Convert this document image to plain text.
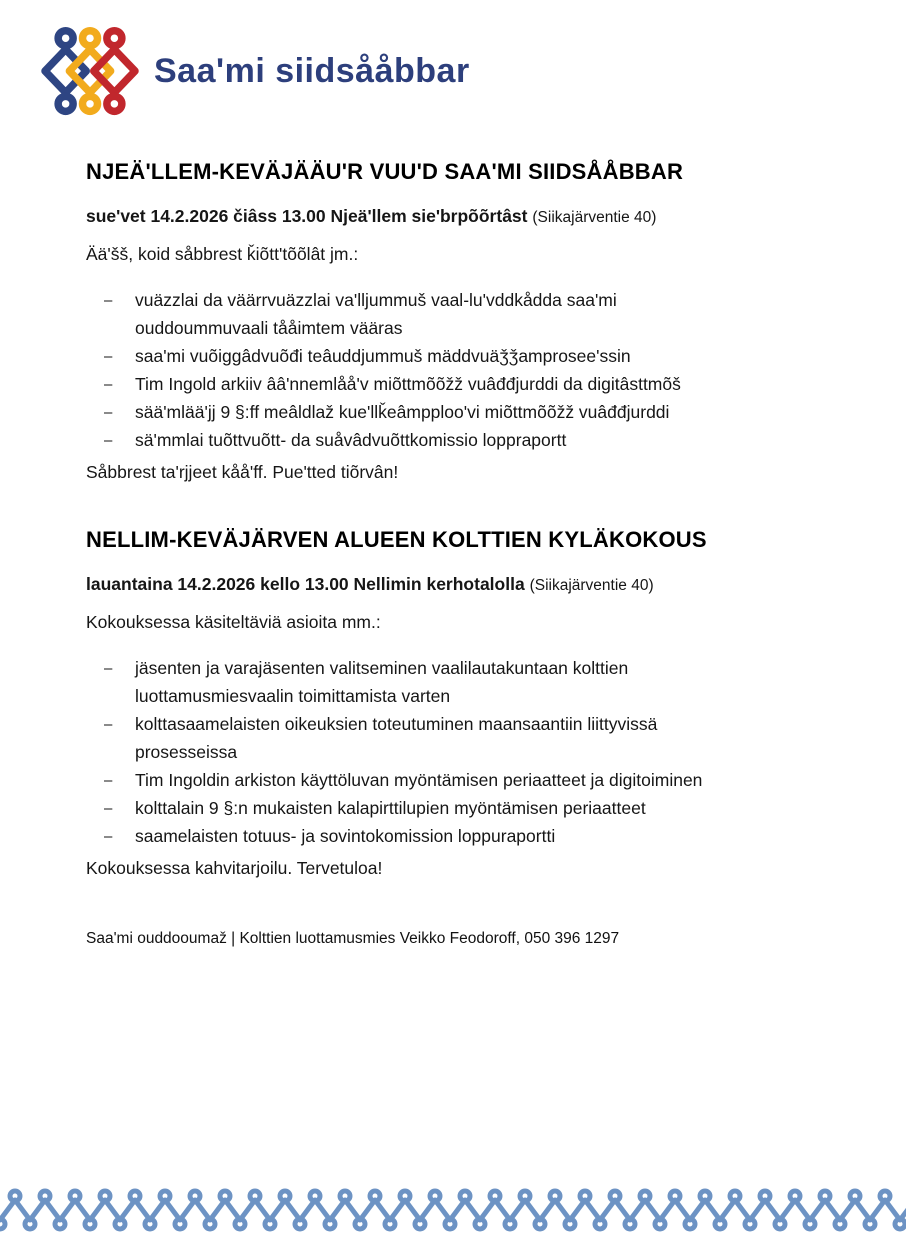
Saaʹmi siidsååbbar
NJEÄ'LLEM-KEVÄJÄÄU'R VUU'D SAA'MI SIIDSÅÅBBAR

sue'vet 14.2.2026 čiâss 13.00 Njeä'llem sie'brpõõrtâst (Siikajärventie 40)

Ää'šš, koid såbbrest ǩiõtt'tõõlât jm.:

– vuäzzlai da väärrvuäzzlai va'lljummuš vaal-lu'vddkådda saa'mi ouddoummuvaali tååimtem vääras
– saa'mi vuõiggâdvuõđi teâuddjummuš mäddvuäǯǯamprosee'ssin
– Tim Ingold arkiiv ââ'nnemlåå'v miõttmõõžž vuâđđjurddi da digitâsttmõš
– sää'mlää'jj 9 §:ff meâldlaž kue'llǩeâmpploo'vi miõttmõõžž vuâđđjurddi
– sä'mmlai tuõttvuõtt- da suåvâdvuõttkomissio loppraportt

Såbbrest ta'rjjeet kåå'ff. Pue'tted tiõrvân!

NELLIM-KEVÄJÄRVEN ALUEEN KOLTTIEN KYLÄKOKOUS

lauantaina 14.2.2026 kello 13.00 Nellimin kerhotalolla (Siikajärventie 40)

Kokouksessa käsiteltäviä asioita mm.:

– jäsenten ja varajäsenten valitseminen vaalilautakuntaan kolttien luottamusmiesvaalin toimittamista varten
– kolttasaamelaisten oikeuksien toteutuminen maansaantiin liittyvissä prosesseissa
– Tim Ingoldin arkiston käyttöluvan myöntämisen periaatteet ja digitoiminen
– kolttalain 9 §:n mukaisten kalapirttilupien myöntämisen periaatteet
– saamelaisten totuus- ja sovintokomission loppuraportti

Kokouksessa kahvitarjoilu. Tervetuloa!

Saa'mi ouddooumaž | Kolttien luottamusmies Veikko Feodoroff, 050 396 1297
